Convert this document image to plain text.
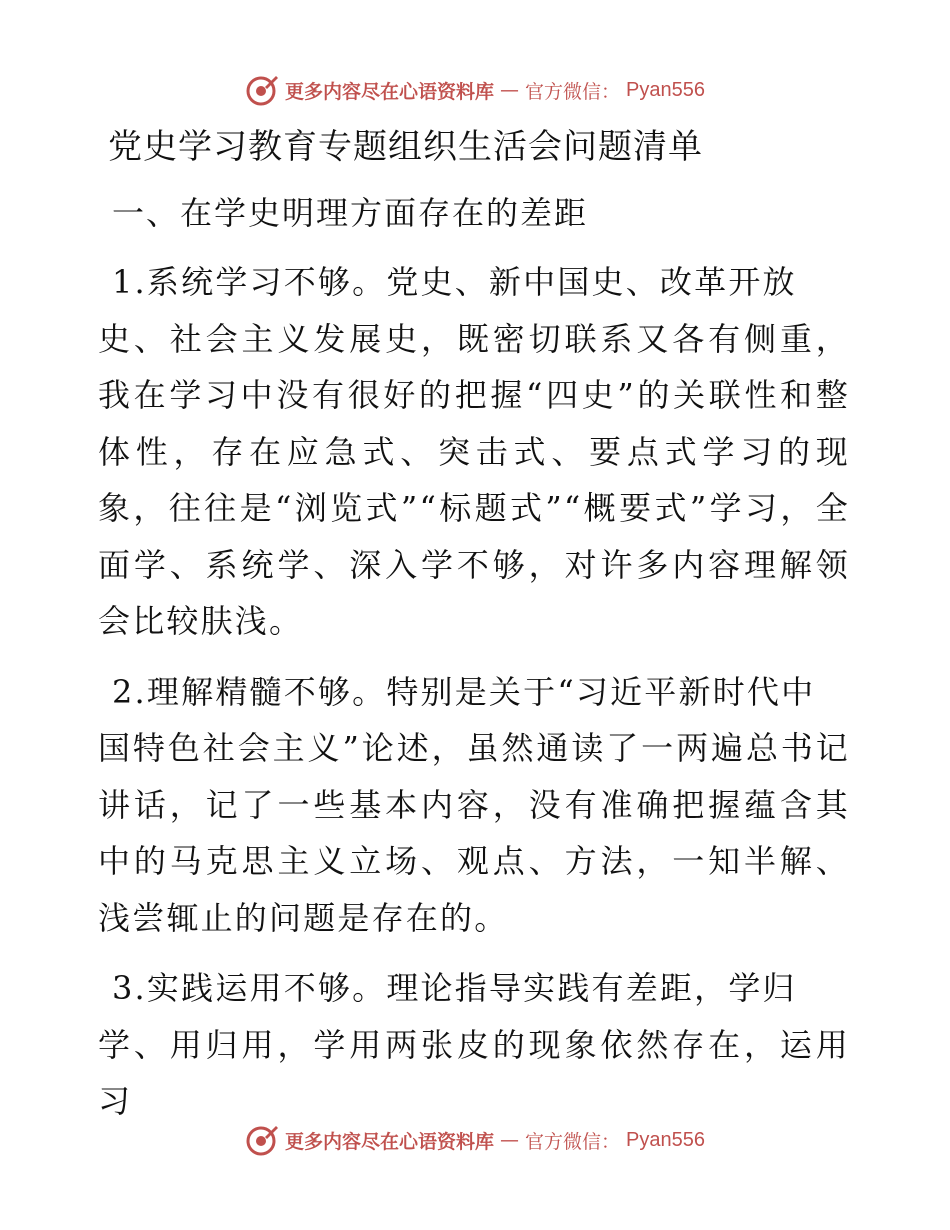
更多内容尽在心语资料库 — 官方微信： Pyan556
党史学习教育专题组织生活会问题清单
一、在学史明理方面存在的差距
1.系统学习不够。党史、新中国史、改革开放
史、社会主义发展史，既密切联系又各有侧重，我在学习中没有很好的把握“四史”的关联性和整体性，存在应急式、突击式、要点式学习的现象，往往是“浏览式”“标题式”“概要式”学习，全面学、系统学、深入学不够，对许多内容理解领会比较肤浅。
2.理解精髓不够。特别是关于“习近平新时代中
国特色社会主义”论述，虽然通读了一两遍总书记讲话，记了一些基本内容，没有准确把握蕴含其中的马克思主义立场、观点、方法，一知半解、浅尝辄止的问题是存在的。
3.实践运用不够。理论指导实践有差距，学归
学、用归用，学用两张皮的现象依然存在，运用习
更多内容尽在心语资料库 — 官方微信： Pyan556
